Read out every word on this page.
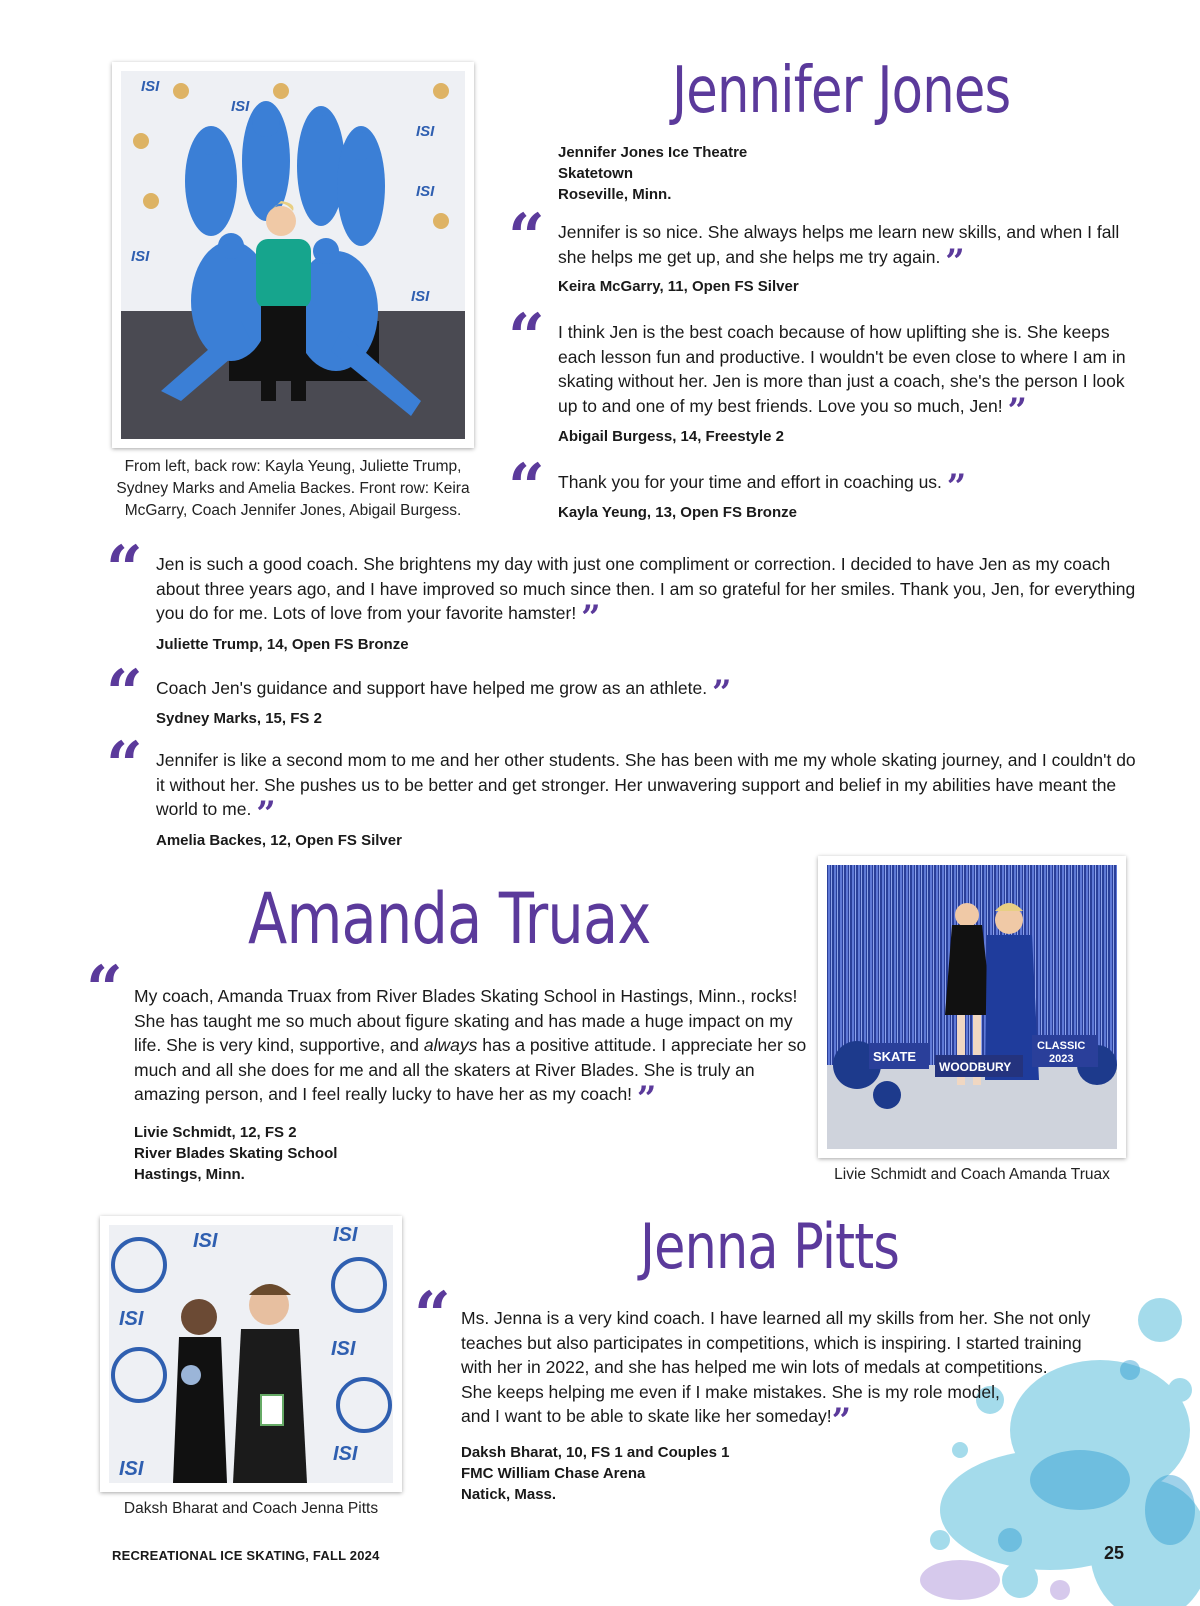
ISI
ISI
ISI
ISI
ISI
ISI
From left, back row: Kayla Yeung, Juliette Trump, Sydney Marks and Amelia Backes. Front row: Keira McGarry, Coach Jennifer Jones, Abigail Burgess.
Jennifer Jones
Jennifer Jones Ice Theatre
Skatetown
Roseville, Minn.
“ Jennifer is so nice. She always helps me learn new skills, and when I fall she helps me get up, and she helps me try again. ”
Keira McGarry, 11, Open FS Silver
“ I think Jen is the best coach because of how uplifting she is. She keeps each lesson fun and productive. I wouldn't be even close to where I am in skating without her. Jen is more than just a coach, she's the person I look up to and one of my best friends. Love you so much, Jen! ”
Abigail Burgess, 14, Freestyle 2
“ Thank you for your time and effort in coaching us. ”
Kayla Yeung, 13, Open FS Bronze
“ Jen is such a good coach. She brightens my day with just one compliment or correction. I decided to have Jen as my coach about three years ago, and I have improved so much since then. I am so grateful for her smiles. Thank you, Jen, for everything you do for me. Lots of love from your favorite hamster! ”
Juliette Trump, 14, Open FS Bronze
“ Coach Jen's guidance and support have helped me grow as an athlete. ”
Sydney Marks, 15, FS 2
“ Jennifer is like a second mom to me and her other students. She has been with me my whole skating journey, and I couldn't do it without her. She pushes us to be better and get stronger. Her unwavering support and belief in my abilities have meant the world to me. ”
Amelia Backes, 12, Open FS Silver
Amanda Truax
“ My coach, Amanda Truax from River Blades Skating School in Hastings, Minn., rocks! She has taught me so much about figure skating and has made a huge impact on my life. She is very kind, supportive, and always has a positive attitude. I appreciate her so much and all she does for me and all the skaters at River Blades. She is truly an amazing person, and I feel really lucky to have her as my coach! ”
Livie Schmidt, 12, FS 2
River Blades Skating School
Hastings, Minn.
SKATE
WOODBURY
CLASSIC
2023
Livie Schmidt and Coach Amanda Truax
ISI	ISI
ISI
ISI
ISI
ISI
Daksh Bharat and Coach Jenna Pitts
Jenna Pitts
“ Ms. Jenna is a very kind coach. I have learned all my skills from her. She not only
teaches but also participates in competitions, which is inspiring. I started training
with her in 2022, and she has helped me win lots of medals at competitions.
She keeps helping me even if I make mistakes. She is my role model,
and I want to be able to skate like her someday!”
Daksh Bharat, 10, FS 1 and Couples 1
FMC William Chase Arena
Natick, Mass.
RECREATIONAL ICE SKATING, FALL 2024	25
